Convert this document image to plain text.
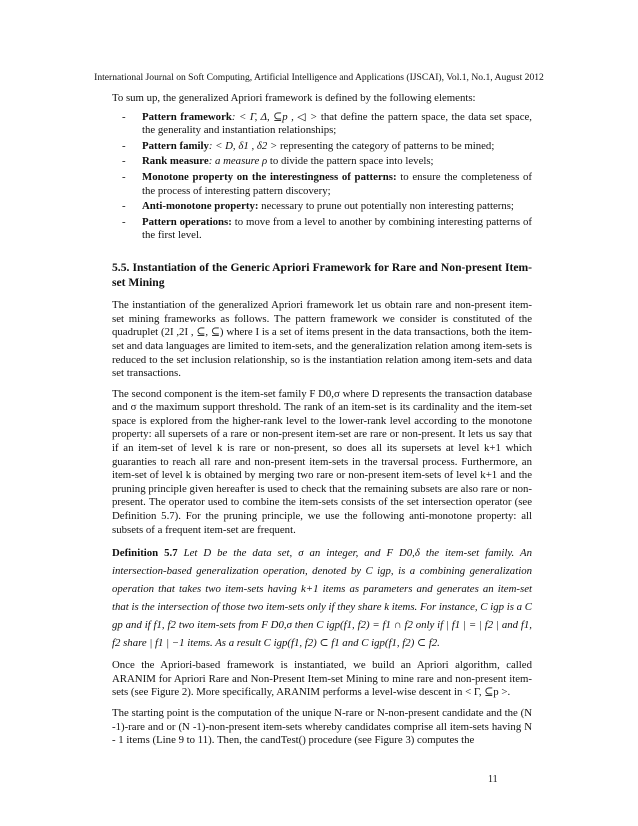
International Journal on Soft Computing, Artificial Intelligence and Applications (IJSCAI), Vol.1, No.1, August 2012

To sum up, the generalized Apriori framework is defined by the following elements:

- Pattern framework: < Γ, Δ, ⊆p , ◁ > that define the pattern space, the data set space, the generality and instantiation relationships;
- Pattern family: < D, δ1 , δ2 > representing the category of patterns to be mined;
- Rank measure: a measure ρ to divide the pattern space into levels;
- Monotone property on the interestingness of patterns: to ensure the completeness of the process of interesting pattern discovery;
- Anti-monotone property: necessary to prune out potentially non interesting patterns;
- Pattern operations: to move from a level to another by combining interesting patterns of the first level.
5.5. Instantiation of the Generic Apriori Framework for Rare and Non-present Item-set Mining

The instantiation of the generalized Apriori framework let us obtain rare and non-present item-set mining frameworks as follows. The pattern framework we consider is constituted of the quadruplet (2I ,2I , ⊆, ⊆) where I is a set of items present in the data transactions, both the item-set and data languages are limited to item-sets, and the generalization relation among item-sets is reduced to the set inclusion relationship, so is the instantiation relation among item-sets and data set transactions.

The second component is the item-set family F D0,σ where D represents the transaction database and σ the maximum support threshold. The rank of an item-set is its cardinality and the item-set space is explored from the higher-rank level to the lower-rank level according to the monotone property: all supersets of a rare or non-present item-set are rare or non-present. It lets us say that if an item-set of level k is rare or non-present, so does all its supersets at level k+1 which guaranties to reach all rare and non-present item-sets in the traversal process. Furthermore, an item-set of level k is obtained by merging two rare or non-present item-sets of level k+1 and the pruning principle given hereafter is used to check that the remaining subsets are also rare or non-present. The operator used to combine the item-sets consists of the set intersection operator (see Definition 5.7). For the pruning principle, we use the following anti-monotone property: all subsets of a frequent item-set are frequent.

Definition 5.7 Let D be the data set, σ an integer, and F D0,δ the item-set family. An intersection-based generalization operation, denoted by C igp, is a combining generalization operation that takes two item-sets having k+1 items as parameters and generates an item-set that is the intersection of those two item-sets only if they share k items. For instance, C igp is a C gp and if f1, f2 two item-sets from F D0,σ then C igp(f1, f2) = f1 ∩ f2 only if | f1 | = | f2 | and f1, f2 share | f1 | −1 items. As a result C igp(f1, f2) ⊂ f1 and C igp(f1, f2) ⊂ f2.

Once the Apriori-based framework is instantiated, we build an Apriori algorithm, called ARANIM for Apriori Rare and Non-Present Item-set Mining to mine rare and non-present item-sets (see Figure 2). More specifically, ARANIM performs a level-wise descent in < Γ, ⊆p >.

The starting point is the computation of the unique N-rare or N-non-present candidate and the (N -1)-rare and or (N -1)-non-present item-sets whereby candidates comprise all item-sets having N - 1 items (Line 9 to 11). Then, the candTest() procedure (see Figure 3) computes the

11
